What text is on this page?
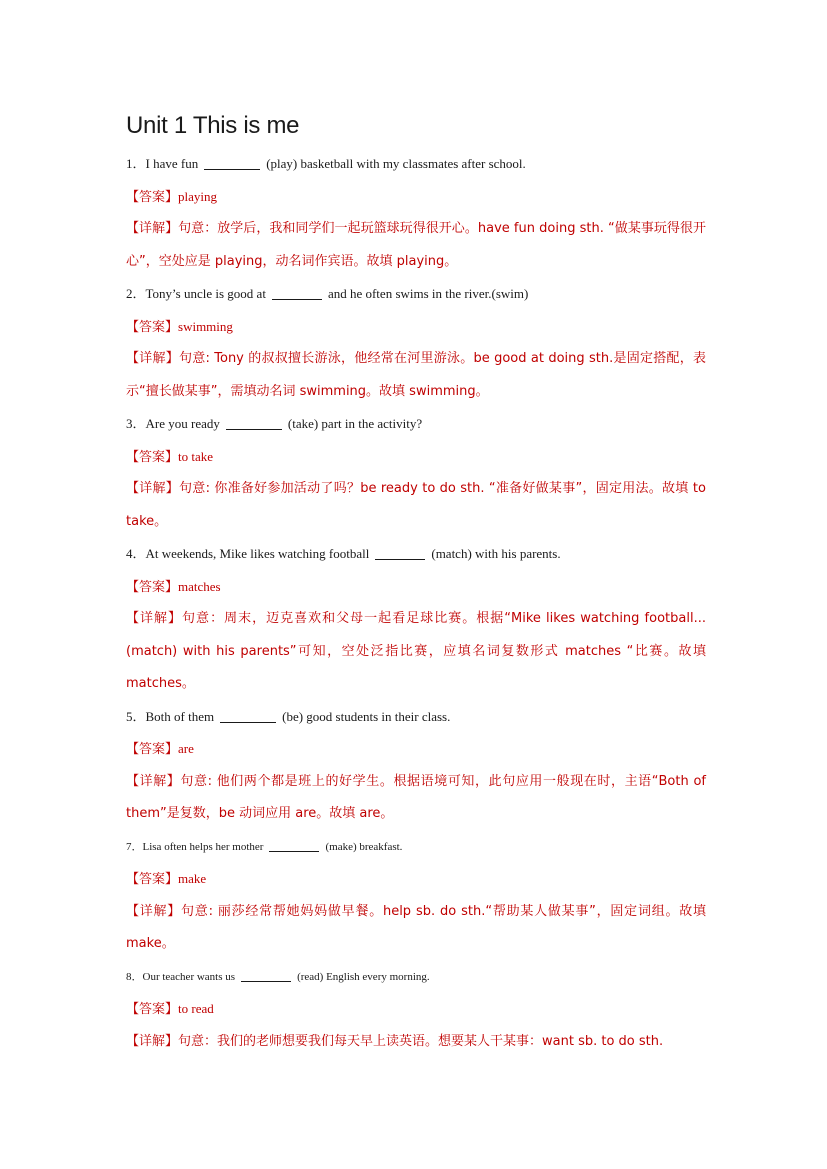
Unit 1 This is me
1．I have fun	(play) basketball with my classmates after school.
【答案】playing
【详解】句意：放学后，我和同学们一起玩篮球玩得很开心。have fun doing sth. “做某事玩得很开心”，空处应是 playing，动名词作宾语。故填 playing。
2．Tony’s uncle is good at	and he often swims in the river.(swim)
【答案】swimming
【详解】句意: Tony 的叔叔擅长游泳，他经常在河里游泳。be good at doing sth.是固定搭配，表示“擅长做某事”，需填动名词 swimming。故填 swimming。
3．Are you ready	(take) part in the activity?
【答案】to take
【详解】句意: 你准备好参加活动了吗？be ready to do sth. “准备好做某事”，固定用法。故填 to take。
4．At weekends, Mike likes watching football	(match) with his parents.
【答案】matches
【详解】句意：周末，迈克喜欢和父母一起看足球比赛。根据“Mike likes watching football...(match) with his parents”可知，空处泛指比赛，应填名词复数形式 matches “比赛。故填 matches。
5．Both of them	(be) good students in their class.
【答案】are
【详解】句意: 他们两个都是班上的好学生。根据语境可知，此句应用一般现在时，主语“Both of them”是复数，be 动词应用 are。故填 are。
7．Lisa often helps her mother	(make) breakfast.
【答案】make
【详解】句意: 丽莎经常帮她妈妈做早餐。help sb. do sth.“帮助某人做某事”，固定词组。故填 make。
8．Our teacher wants us	(read) English every morning.
【答案】to read
【详解】句意：我们的老师想要我们每天早上读英语。想要某人干某事：want sb. to do sth.
